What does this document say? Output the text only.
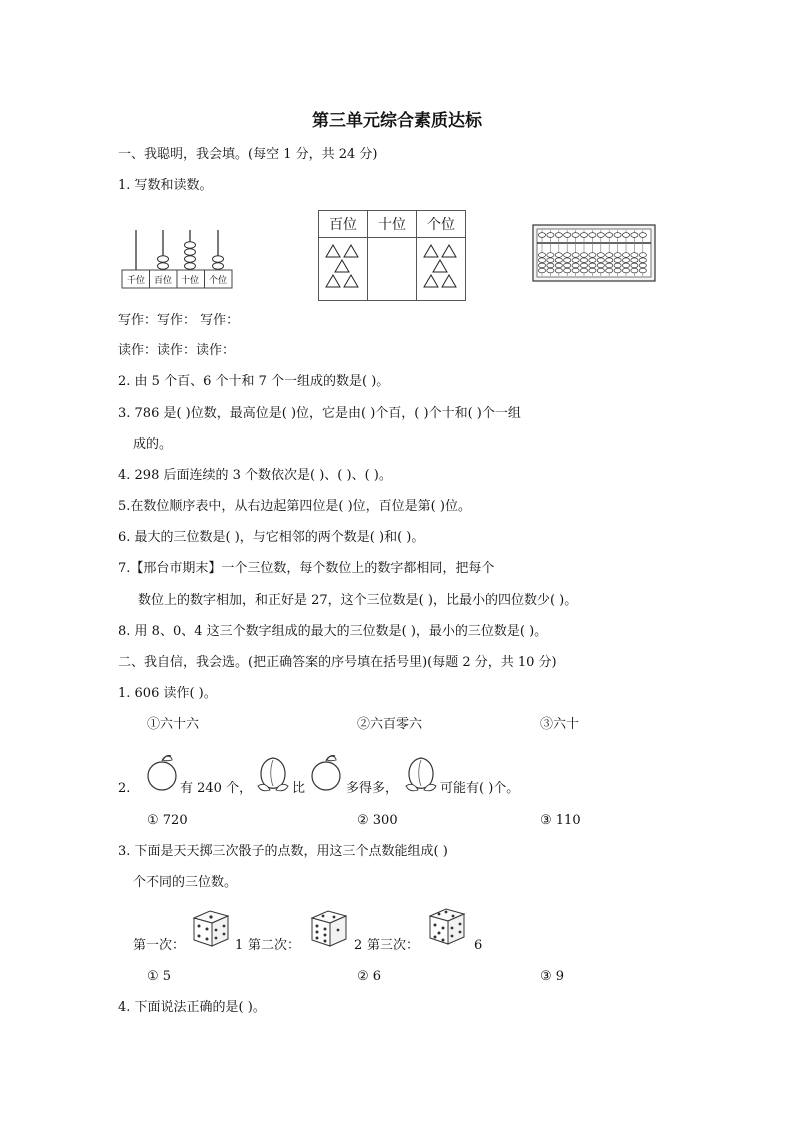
第三单元综合素质达标
一、我聪明，我会填。(每空 1 分，共 24 分)
1. 写数和读数。
千位 百位 十位 个位
百位	十位	个位

写作：写作： 写作：
读作：读作：读作：
2. 由 5 个百、6 个十和 7 个一组成的数是( )。
3. 786 是( )位数，最高位是( )位，它是由( )个百，( )个十和( )个一组
成的。
4. 298 后面连续的 3 个数依次是( )、( )、( )。
5.在数位顺序表中，从右边起第四位是( )位，百位是第( )位。
6. 最大的三位数是( )，与它相邻的两个数是( )和( )。
7.【邢台市期末】一个三位数，每个数位上的数字都相同，把每个
数位上的数字相加，和正好是 27，这个三位数是( )，比最小的四位数少( )。
8. 用 8、0、4 这三个数字组成的最大的三位数是( )，最小的三位数是( )。
二、我自信，我会选。(把正确答案的序号填在括号里)(每题 2 分，共 10 分)
1. 606 读作( )。
①六十六	②六百零六	③六十
2.	有 240 个，	比	多得多，	可能有( )个。
① 720	② 300	③ 110
3. 下面是天天掷三次骰子的点数，用这三个点数能组成( )
个不同的三位数。
第一次：	1 第二次：	2 第三次：	6
① 5	② 6	③ 9
4. 下面说法正确的是( )。
